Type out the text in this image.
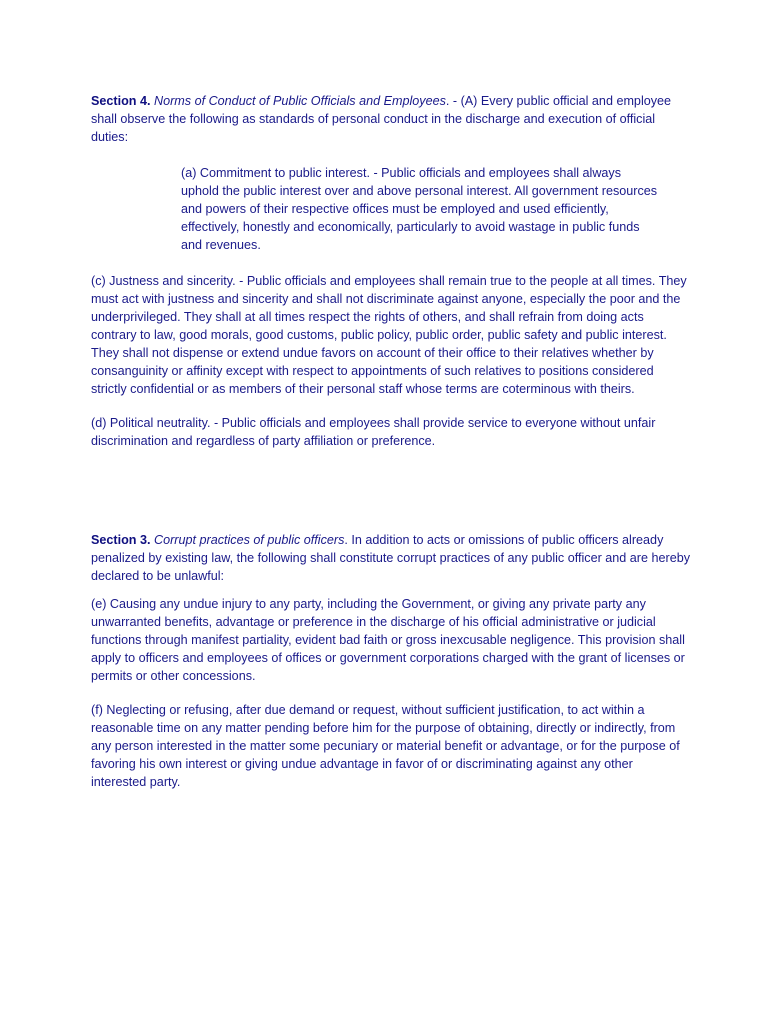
Section 4. Norms of Conduct of Public Officials and Employees. - (A) Every public official and employee shall observe the following as standards of personal conduct in the discharge and execution of official duties:

(a) Commitment to public interest. - Public officials and employees shall always uphold the public interest over and above personal interest. All government resources and powers of their respective offices must be employed and used efficiently, effectively, honestly and economically, particularly to avoid wastage in public funds and revenues.

(c) Justness and sincerity. - Public officials and employees shall remain true to the people at all times. They must act with justness and sincerity and shall not discriminate against anyone, especially the poor and the underprivileged. They shall at all times respect the rights of others, and shall refrain from doing acts contrary to law, good morals, good customs, public policy, public order, public safety and public interest. They shall not dispense or extend undue favors on account of their office to their relatives whether by consanguinity or affinity except with respect to appointments of such relatives to positions considered strictly confidential or as members of their personal staff whose terms are coterminous with theirs.

(d) Political neutrality. - Public officials and employees shall provide service to everyone without unfair discrimination and regardless of party affiliation or preference.

Section 3. Corrupt practices of public officers. In addition to acts or omissions of public officers already penalized by existing law, the following shall constitute corrupt practices of any public officer and are hereby declared to be unlawful:

(e) Causing any undue injury to any party, including the Government, or giving any private party any unwarranted benefits, advantage or preference in the discharge of his official administrative or judicial functions through manifest partiality, evident bad faith or gross inexcusable negligence. This provision shall apply to officers and employees of offices or government corporations charged with the grant of licenses or permits or other concessions.

(f) Neglecting or refusing, after due demand or request, without sufficient justification, to act within a reasonable time on any matter pending before him for the purpose of obtaining, directly or indirectly, from any person interested in the matter some pecuniary or material benefit or advantage, or for the purpose of favoring his own interest or giving undue advantage in favor of or discriminating against any other interested party.
